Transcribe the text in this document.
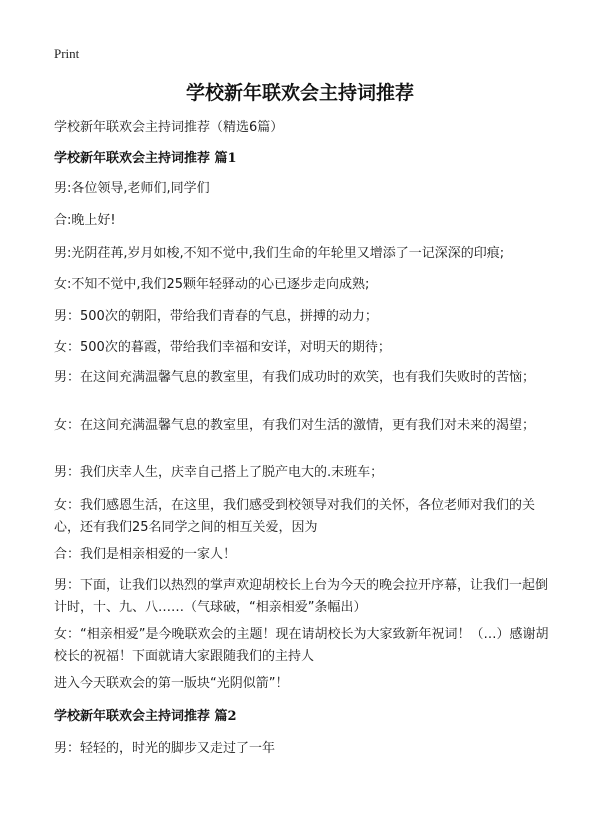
Print
学校新年联欢会主持词推荐
学校新年联欢会主持词推荐（精选6篇）
学校新年联欢会主持词推荐 篇1
男:各位领导,老师们,同学们
合:晚上好!
男:光阴荏苒,岁月如梭,不知不觉中,我们生命的年轮里又增添了一记深深的印痕;
女:不知不觉中,我们25颗年轻驿动的心已逐步走向成熟;
男：500次的朝阳，带给我们青春的气息，拼搏的动力；
女：500次的暮霞，带给我们幸福和安详，对明天的期待；
男：在这间充满温馨气息的教室里，有我们成功时的欢笑，也有我们失败时的苦恼；
女：在这间充满温馨气息的教室里，有我们对生活的激情，更有我们对未来的渴望；
男：我们庆幸人生，庆幸自己搭上了脱产电大的.末班车；
女：我们感恩生活，在这里，我们感受到校领导对我们的关怀，各位老师对我们的关心，还有我们25名同学之间的相互关爱，因为
合：我们是相亲相爱的一家人！
男：下面，让我们以热烈的掌声欢迎胡校长上台为今天的晚会拉开序幕，让我们一起倒计时，十、九、八……（气球破，“相亲相爱”条幅出）
女：“相亲相爱”是今晚联欢会的主题！现在请胡校长为大家致新年祝词！（…）感谢胡校长的祝福！下面就请大家跟随我们的主持人
进入今天联欢会的第一版块“光阴似箭”！
学校新年联欢会主持词推荐 篇2
男：轻轻的，时光的脚步又走过了一年
